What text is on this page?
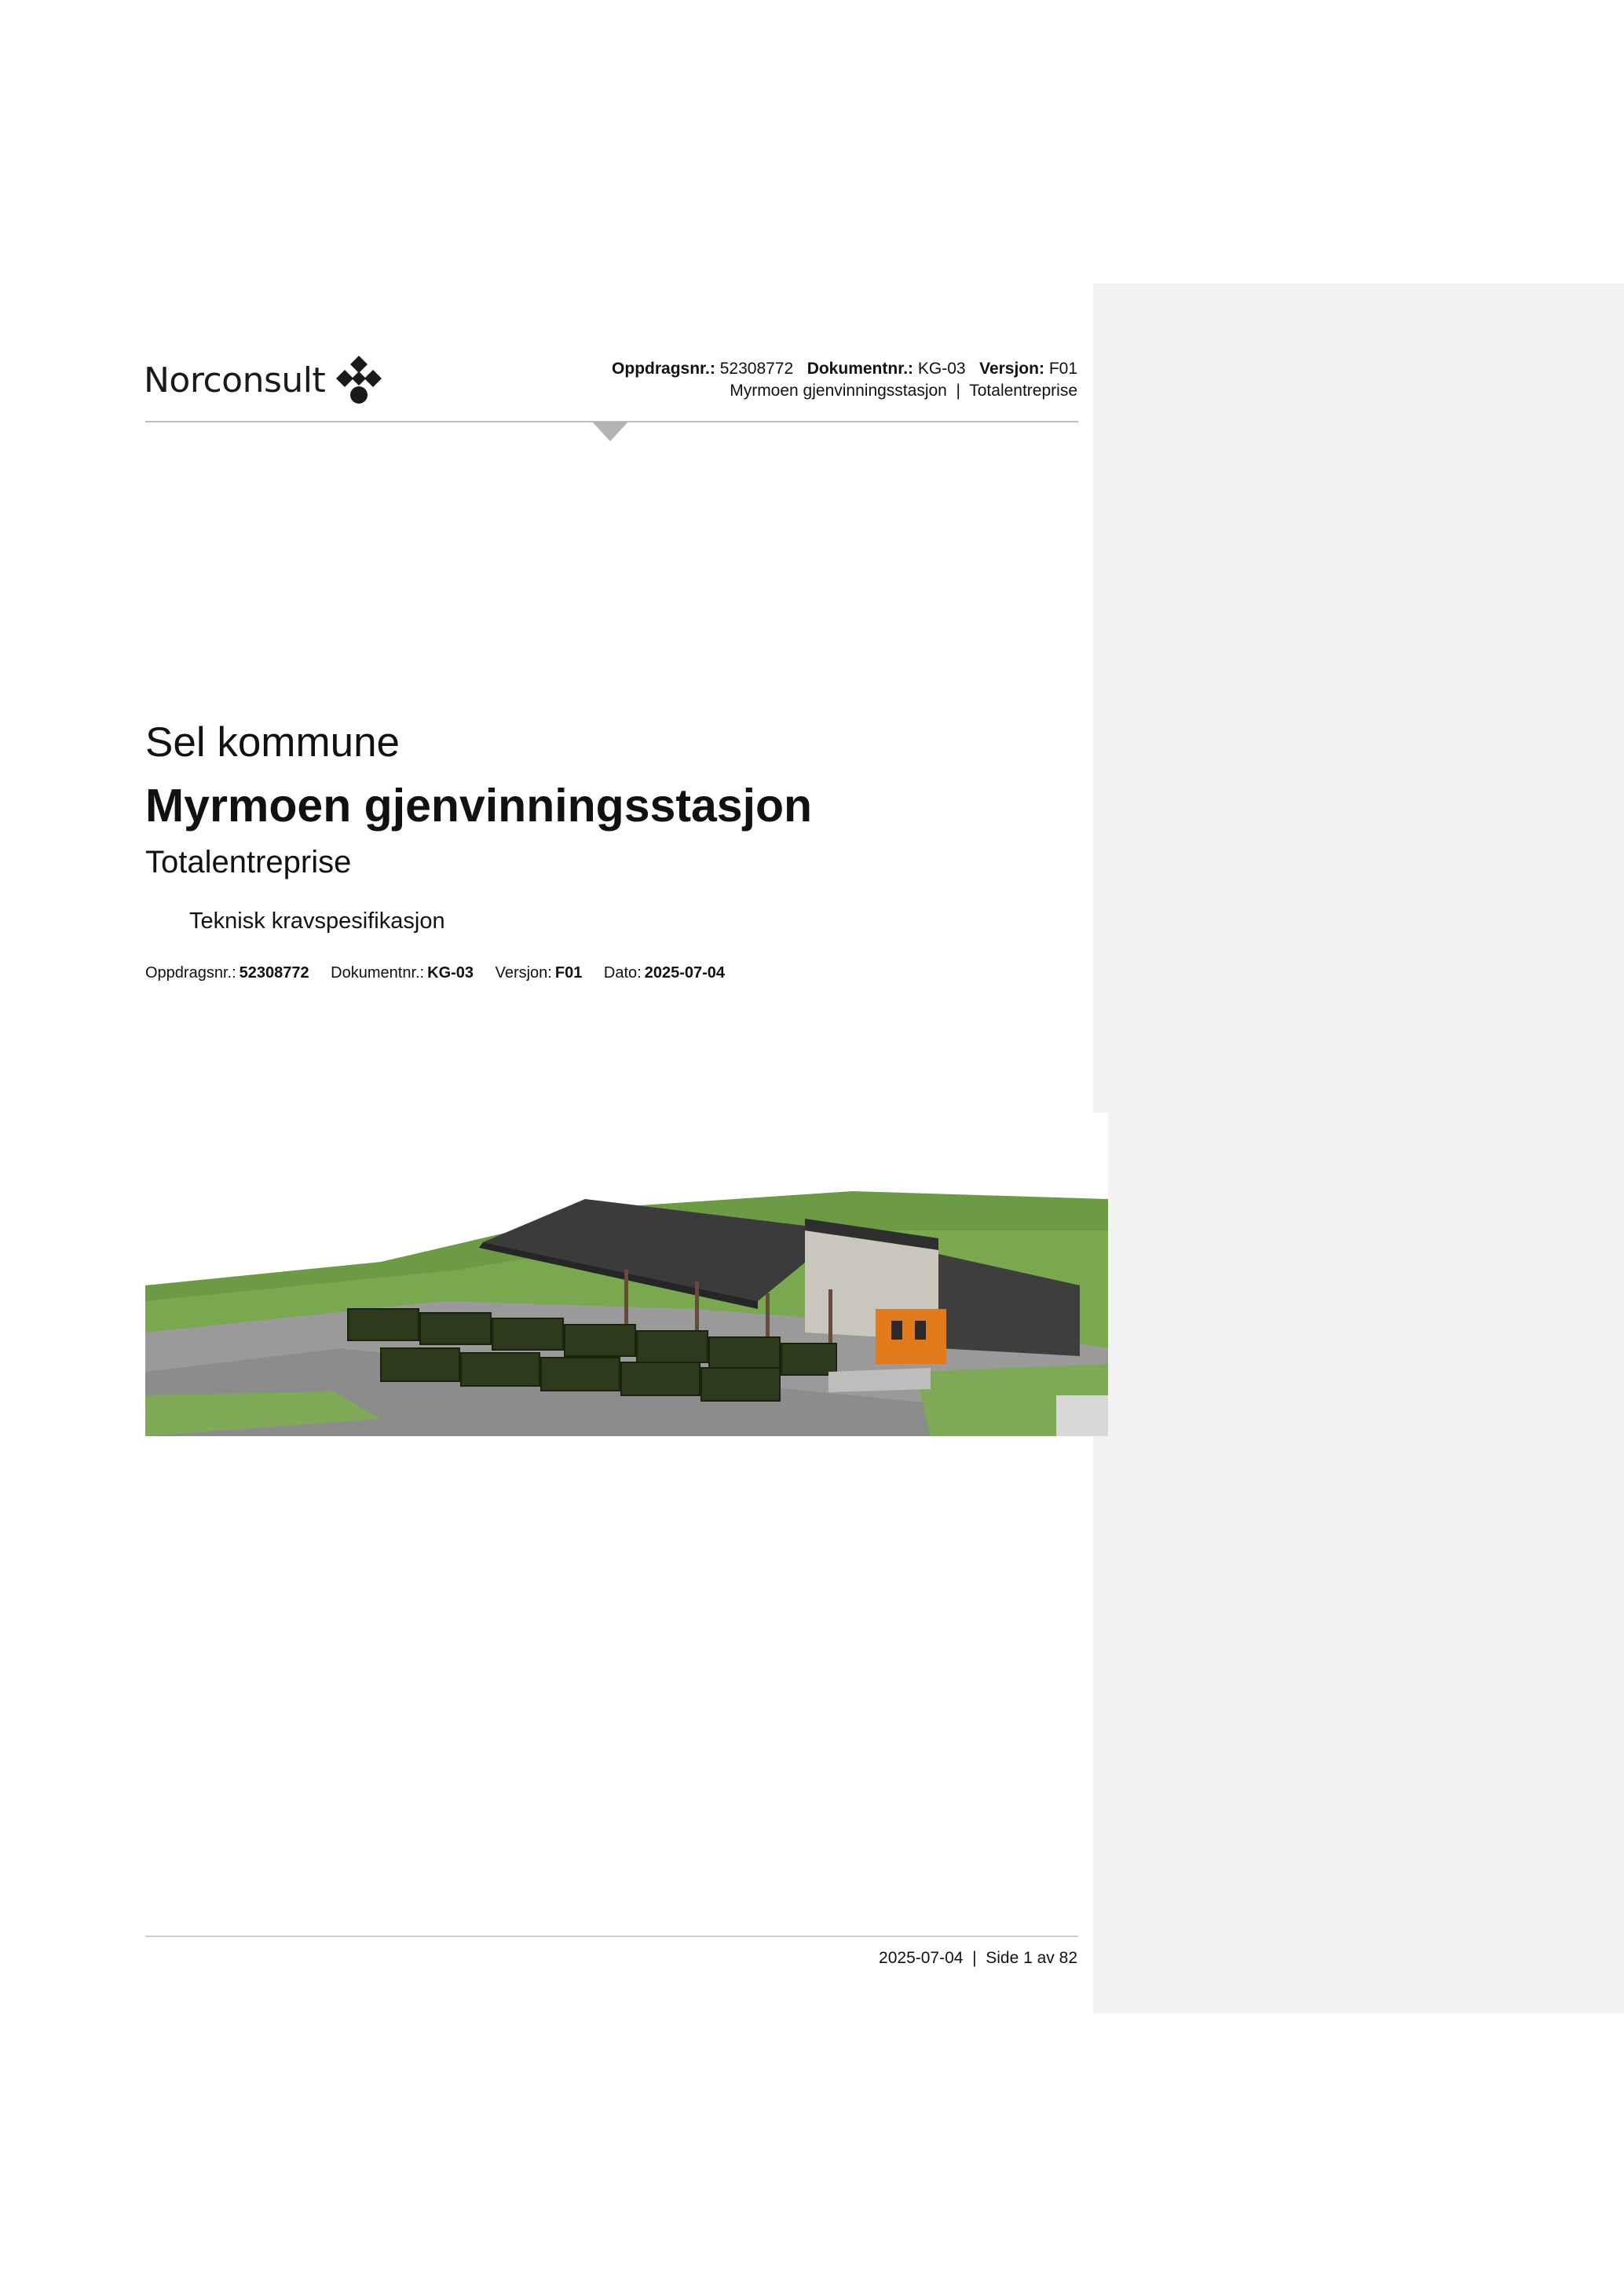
Norconsult	Oppdragsnr.: 52308772 Dokumentnr.: KG-03 Versjon: F01
Myrmoen gjenvinningsstasjon  |  Totalentreprise
Sel kommune
Myrmoen gjenvinningsstasjon
Totalentreprise
Teknisk kravspesifikasjon
Oppdragsnr.: 52308772 Dokumentnr.: KG-03 Versjon: F01 Dato: 2025-07-04
2025-07-04  |  Side 1 av 82
